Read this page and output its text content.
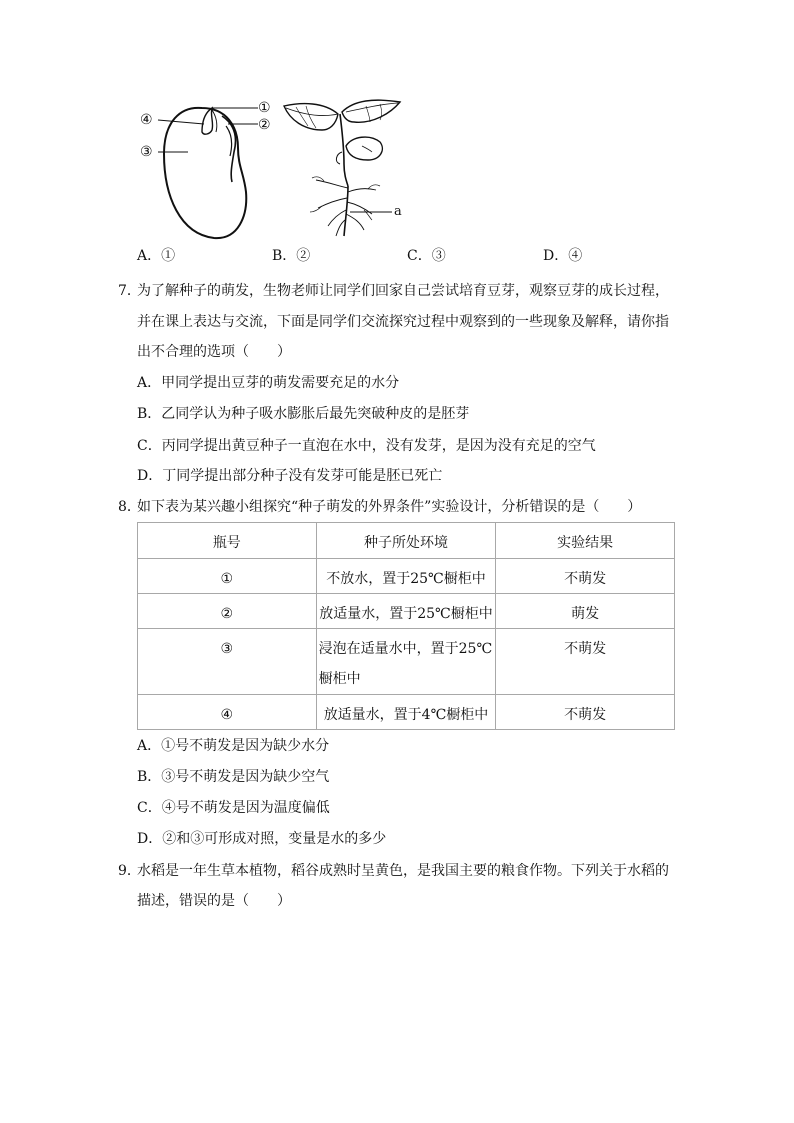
①
②
④
③
a
A．①	B．②	C．③	D．④
7．
为了解种子的萌发，生物老师让同学们回家自己尝试培育豆芽，观察豆芽的成长过程，
并在课上表达与交流，下面是同学们交流探究过程中观察到的一些现象及解释，请你指
出不合理的选项（　　）
A．甲同学提出豆芽的萌发需要充足的水分
B．乙同学认为种子吸水膨胀后最先突破种皮的是胚芽
C．丙同学提出黄豆种子一直泡在水中，没有发芽，是因为没有充足的空气
D．丁同学提出部分种子没有发芽可能是胚已死亡
8．
如下表为某兴趣小组探究“种子萌发的外界条件”实验设计，分析错误的是（　　）
瓶号	种子所处环境	实验结果

①	不放水，置于25℃橱柜中	不萌发

②	放适量水，置于25℃橱柜中	萌发

③	浸泡在适量水中，置于25℃
橱柜中	不萌发

④	放适量水，置于4℃橱柜中	不萌发
A．①号不萌发是因为缺少水分
B．③号不萌发是因为缺少空气
C．④号不萌发是因为温度偏低
D．②和③可形成对照，变量是水的多少
9．
水稻是一年生草本植物，稻谷成熟时呈黄色，是我国主要的粮食作物。下列关于水稻的
描述，错误的是（　　）
